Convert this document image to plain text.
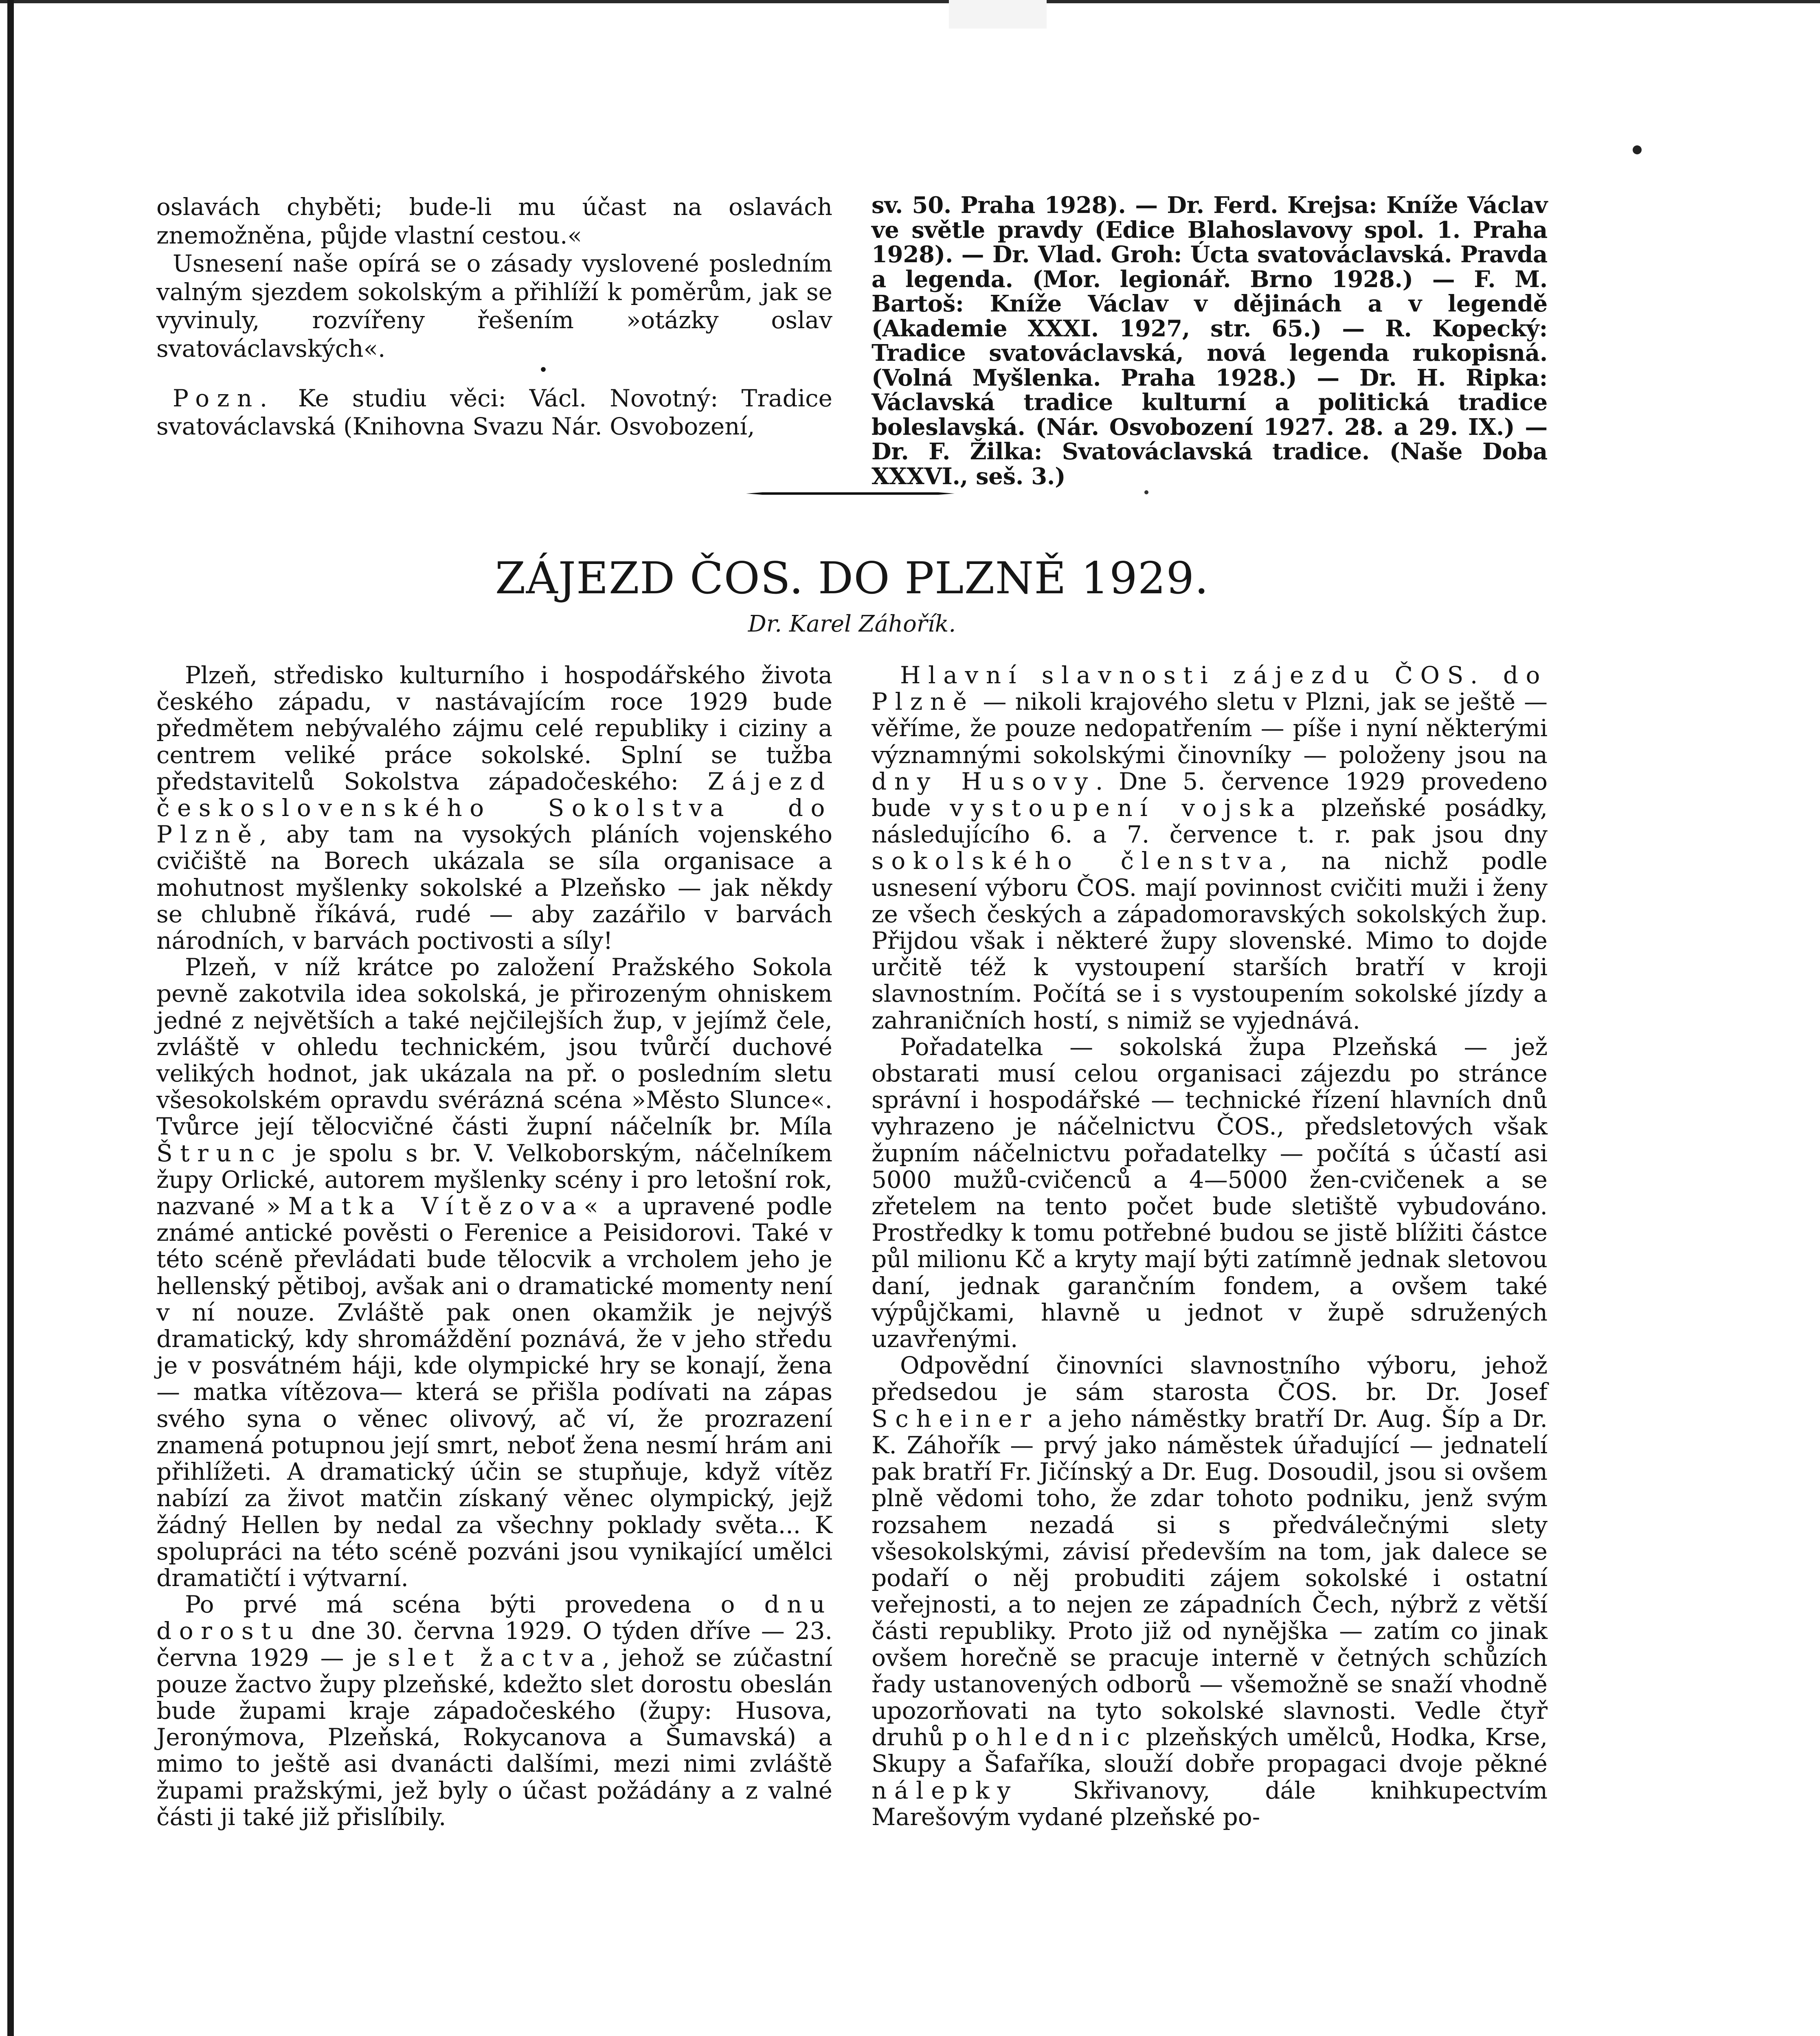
oslavách chyběti; bude-li mu účast na oslavách znemožněna, půjde vlastní cestou.«

Usnesení naše opírá se o zásady vyslovené posledním valným sjezdem sokolským a přihlíží k poměrům, jak se vyvinuly, rozvířeny řešením »otázky oslav svatováclavských«.

•

Pozn. Ke studiu věci: Václ. Novotný: Tradice svatováclavská (Knihovna Svazu Nár. Osvobození,

sv. 50. Praha 1928). — Dr. Ferd. Krejsa: Kníže Václav ve světle pravdy (Edice Blahoslavovy spol. 1. Praha 1928). — Dr. Vlad. Groh: Úcta svatováclavská. Pravda a legenda. (Mor. legionář. Brno 1928.) — F. M. Bartoš: Kníže Václav v dějinách a v legendě (Akademie XXXI. 1927, str. 65.) — R. Kopecký: Tradice svatováclavská, nová legenda rukopisná. (Volná Myšlenka. Praha 1928.) — Dr. H. Ripka: Václavská tradice kulturní a politická tradice boleslavská. (Nár. Osvobození 1927. 28. a 29. IX.) — Dr. F. Žilka: Svatováclavská tradice. (Naše Doba XXXVI., seš. 3.)

ZÁJEZD ČOS. DO PLZNĚ 1929.
Dr. Karel Záhořík.

Plzeň, středisko kulturního i hospodářského života českého západu, v nastávajícím roce 1929 bude předmětem nebývalého zájmu celé republiky i ciziny a centrem veliké práce sokolské. Splní se tužba představitelů Sokolstva západočeského: Zájezd československého Sokolstva do Plzně, aby tam na vysokých pláních vojenského cvičiště na Borech ukázala se síla organisace a mohutnost myšlenky sokolské a Plzeňsko — jak někdy se chlubně říkává, rudé — aby zazářilo v barvách národních, v barvách poctivosti a síly!

Plzeň, v níž krátce po založení Pražského Sokola pevně zakotvila idea sokolská, je přirozeným ohniskem jedné z největších a také nejčilejších žup, v jejímž čele, zvláště v ohledu technickém, jsou tvůrčí duchové velikých hodnot, jak ukázala na př. o posledním sletu všesokolském opravdu svérázná scéna »Město Slunce«. Tvůrce její tělocvičné části župní náčelník br. Míla Štrunc je spolu s br. V. Velkoborským, náčelníkem župy Orlické, autorem myšlenky scény i pro letošní rok, nazvané »Matka Vítězova« a upravené podle známé antické pověsti o Ferenice a Peisidorovi. Také v této scéně převládati bude tělocvik a vrcholem jeho je hellenský pětiboj, avšak ani o dramatické momenty není v ní nouze. Zvláště pak onen okamžik je nejvýš dramatický, kdy shromáždění poznává, že v jeho středu je v posvátném háji, kde olympické hry se konají, žena — matka vítězova— která se přišla podívati na zápas svého syna o věnec olivový, ač ví, že prozrazení znamená potupnou její smrt, neboť žena nesmí hrám ani přihlížeti. A dramatický účin se stupňuje, když vítěz nabízí za život matčin získaný věnec olympický, jejž žádný Hellen by nedal za všechny poklady světa... K spolupráci na této scéně pozváni jsou vynikající umělci dramatičtí i výtvarní.

Po prvé má scéna býti provedena o dnu dorostu dne 30. června 1929. O týden dříve — 23. června 1929 — je slet žactva, jehož se zúčastní pouze žactvo župy plzeňské, kdežto slet dorostu obeslán bude župami kraje západočeského (župy: Husova, Jeronýmova, Plzeňská, Rokycanova a Šumavská) a mimo to ještě asi dvanácti dalšími, mezi nimi zvláště župami pražskými, jež byly o účast požádány a z valné části ji také již přislíbily.

Hlavní slavnosti zájezdu ČOS. do Plzně — nikoli krajového sletu v Plzni, jak se ještě — věříme, že pouze nedopatřením — píše i nyní některými významnými sokolskými činovníky — položeny jsou na dny Husovy. Dne 5. července 1929 provedeno bude vystoupení vojska plzeňské posádky, následujícího 6. a 7. července t. r. pak jsou dny sokolského členstva, na nichž podle usnesení výboru ČOS. mají povinnost cvičiti muži i ženy ze všech českých a západomoravských sokolských žup. Přijdou však i některé župy slovenské. Mimo to dojde určitě též k vystoupení starších bratří v kroji slavnostním. Počítá se i s vystoupením sokolské jízdy a zahraničních hostí, s nimiž se vyjednává.

Pořadatelka — sokolská župa Plzeňská — jež obstarati musí celou organisaci zájezdu po stránce správní i hospodářské — technické řízení hlavních dnů vyhrazeno je náčelnictvu ČOS., předsletových však župním náčelnictvu pořadatelky — počítá s účastí asi 5000 mužů-cvičenců a 4—5000 žen-cvičenek a se zřetelem na tento počet bude sletiště vybudováno. Prostředky k tomu potřebné budou se jistě blížiti částce půl milionu Kč a kryty mají býti zatímně jednak sletovou daní, jednak garančním fondem, a ovšem také výpůjčkami, hlavně u jednot v župě sdružených uzavřenými.

Odpovědní činovníci slavnostního výboru, jehož předsedou je sám starosta ČOS. br. Dr. Josef Scheiner a jeho náměstky bratří Dr. Aug. Šíp a Dr. K. Záhořík — prvý jako náměstek úřadující — jednatelí pak bratří Fr. Jičínský a Dr. Eug. Dosoudil, jsou si ovšem plně vědomi toho, že zdar tohoto podniku, jenž svým rozsahem nezadá si s předválečnými slety všesokolskými, závisí především na tom, jak dalece se podaří o něj probuditi zájem sokolské i ostatní veřejnosti, a to nejen ze západních Čech, nýbrž z větší části republiky. Proto již od nynějška — zatím co jinak ovšem horečně se pracuje interně v četných schůzích řady ustanovených odborů — všemožně se snaží vhodně upozorňovati na tyto sokolské slavnosti. Vedle čtyř druhů pohlednic plzeňských umělců, Hodka, Krse, Skupy a Šafaříka, slouží dobře propagaci dvoje pěkné nálepky Skřivanovy, dále knihkupectvím Marešovým vydané plzeňské po-
